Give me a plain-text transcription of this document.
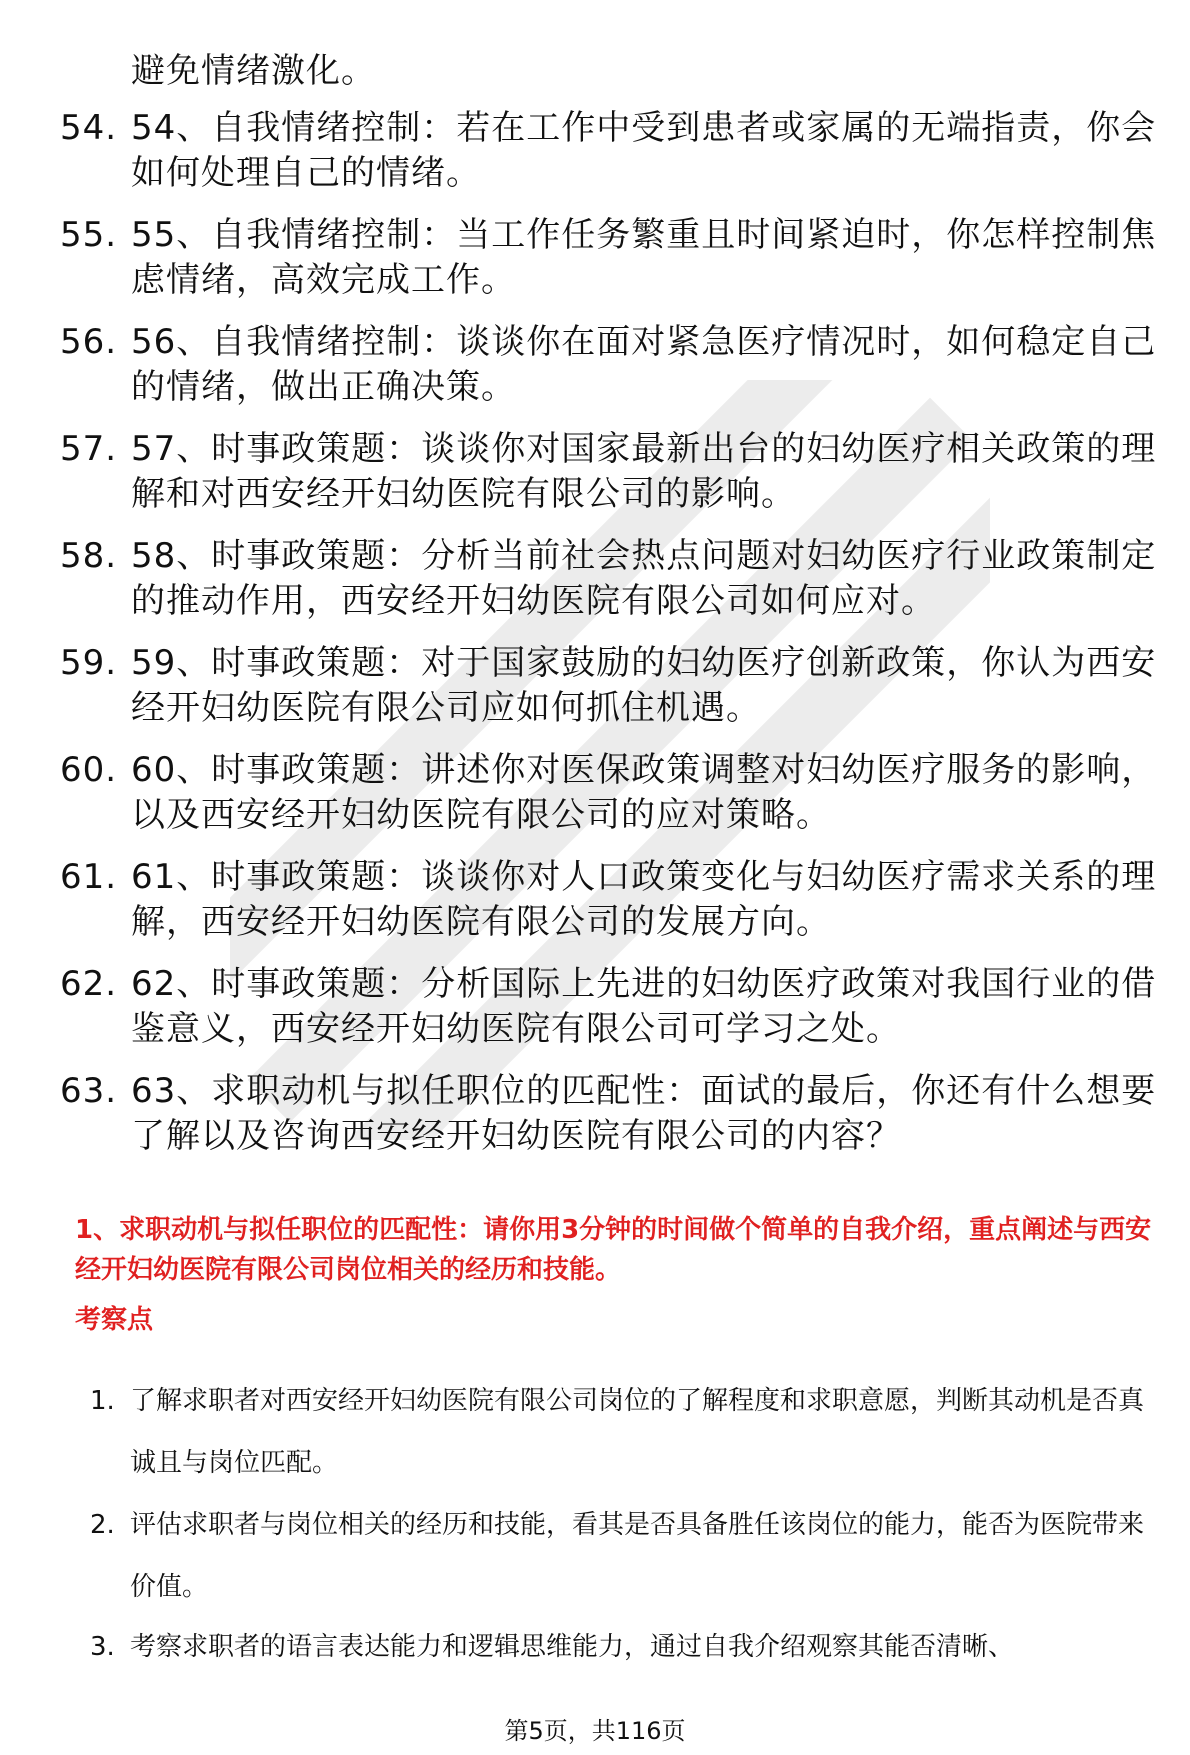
避免情绪激化。

54. 54、自我情绪控制：若在工作中受到患者或家属的无端指责，你会如何处理自己的情绪。
55. 55、自我情绪控制：当工作任务繁重且时间紧迫时，你怎样控制焦虑情绪，高效完成工作。
56. 56、自我情绪控制：谈谈你在面对紧急医疗情况时，如何稳定自己的情绪，做出正确决策。
57. 57、时事政策题：谈谈你对国家最新出台的妇幼医疗相关政策的理解和对西安经开妇幼医院有限公司的影响。
58. 58、时事政策题：分析当前社会热点问题对妇幼医疗行业政策制定的推动作用，西安经开妇幼医院有限公司如何应对。
59. 59、时事政策题：对于国家鼓励的妇幼医疗创新政策，你认为西安经开妇幼医院有限公司应如何抓住机遇。
60. 60、时事政策题：讲述你对医保政策调整对妇幼医疗服务的影响，以及西安经开妇幼医院有限公司的应对策略。
61. 61、时事政策题：谈谈你对人口政策变化与妇幼医疗需求关系的理解，西安经开妇幼医院有限公司的发展方向。
62. 62、时事政策题：分析国际上先进的妇幼医疗政策对我国行业的借鉴意义，西安经开妇幼医院有限公司可学习之处。
63. 63、求职动机与拟任职位的匹配性：面试的最后，你还有什么想要了解以及咨询西安经开妇幼医院有限公司的内容？

1、求职动机与拟任职位的匹配性：请你用3分钟的时间做个简单的自我介绍，重点阐述与西安经开妇幼医院有限公司岗位相关的经历和技能。

考察点

1. 了解求职者对西安经开妇幼医院有限公司岗位的了解程度和求职意愿，判断其动机是否真诚且与岗位匹配。
2. 评估求职者与岗位相关的经历和技能，看其是否具备胜任该岗位的能力，能否为医院带来价值。
3. 考察求职者的语言表达能力和逻辑思维能力，通过自我介绍观察其能否清晰、

第5页，共116页
